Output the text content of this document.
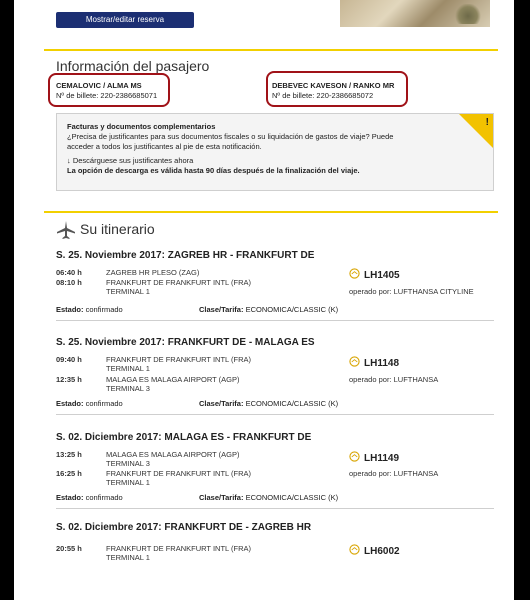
Mostrar/editar reserva
Información del pasajero
CEMALOVIC / ALMA MS
Nº de billete: 220-2386685071
DEBEVEC KAVESON / RANKO MR
Nº de billete: 220-2386685072
!
Facturas y documentos complementarios
¿Precisa de justificantes para sus documentos fiscales o su liquidación de gastos de viaje? Puede
acceder a todos los justificantes al pie de esta notificación.
↓ Descárguese sus justificantes ahora
La opción de descarga es válida hasta 90 días después de la finalización del viaje.
Su itinerario
S. 25. Noviembre 2017: ZAGREB HR - FRANKFURT DE
06:40 h	ZAGREB HR PLESO (ZAG)
08:10 h	FRANKFURT DE FRANKFURT INTL (FRA)
TERMINAL 1
LH1405
operado por: LUFTHANSA CITYLINE
Estado: confirmado	Clase/Tarifa: ECONOMICA/CLASSIC (K)
S. 25. Noviembre 2017: FRANKFURT DE - MALAGA ES
09:40 h	FRANKFURT DE FRANKFURT INTL (FRA)
TERMINAL 1
12:35 h	MALAGA ES MALAGA AIRPORT (AGP)
TERMINAL 3
LH1148
operado por: LUFTHANSA
Estado: confirmado	Clase/Tarifa: ECONOMICA/CLASSIC (K)
S. 02. Diciembre 2017: MALAGA ES - FRANKFURT DE
13:25 h	MALAGA ES MALAGA AIRPORT (AGP)
TERMINAL 3
16:25 h	FRANKFURT DE FRANKFURT INTL (FRA)
TERMINAL 1
LH1149
operado por: LUFTHANSA
Estado: confirmado	Clase/Tarifa: ECONOMICA/CLASSIC (K)
S. 02. Diciembre 2017: FRANKFURT DE - ZAGREB HR
20:55 h	FRANKFURT DE FRANKFURT INTL (FRA)
TERMINAL 1
LH6002
